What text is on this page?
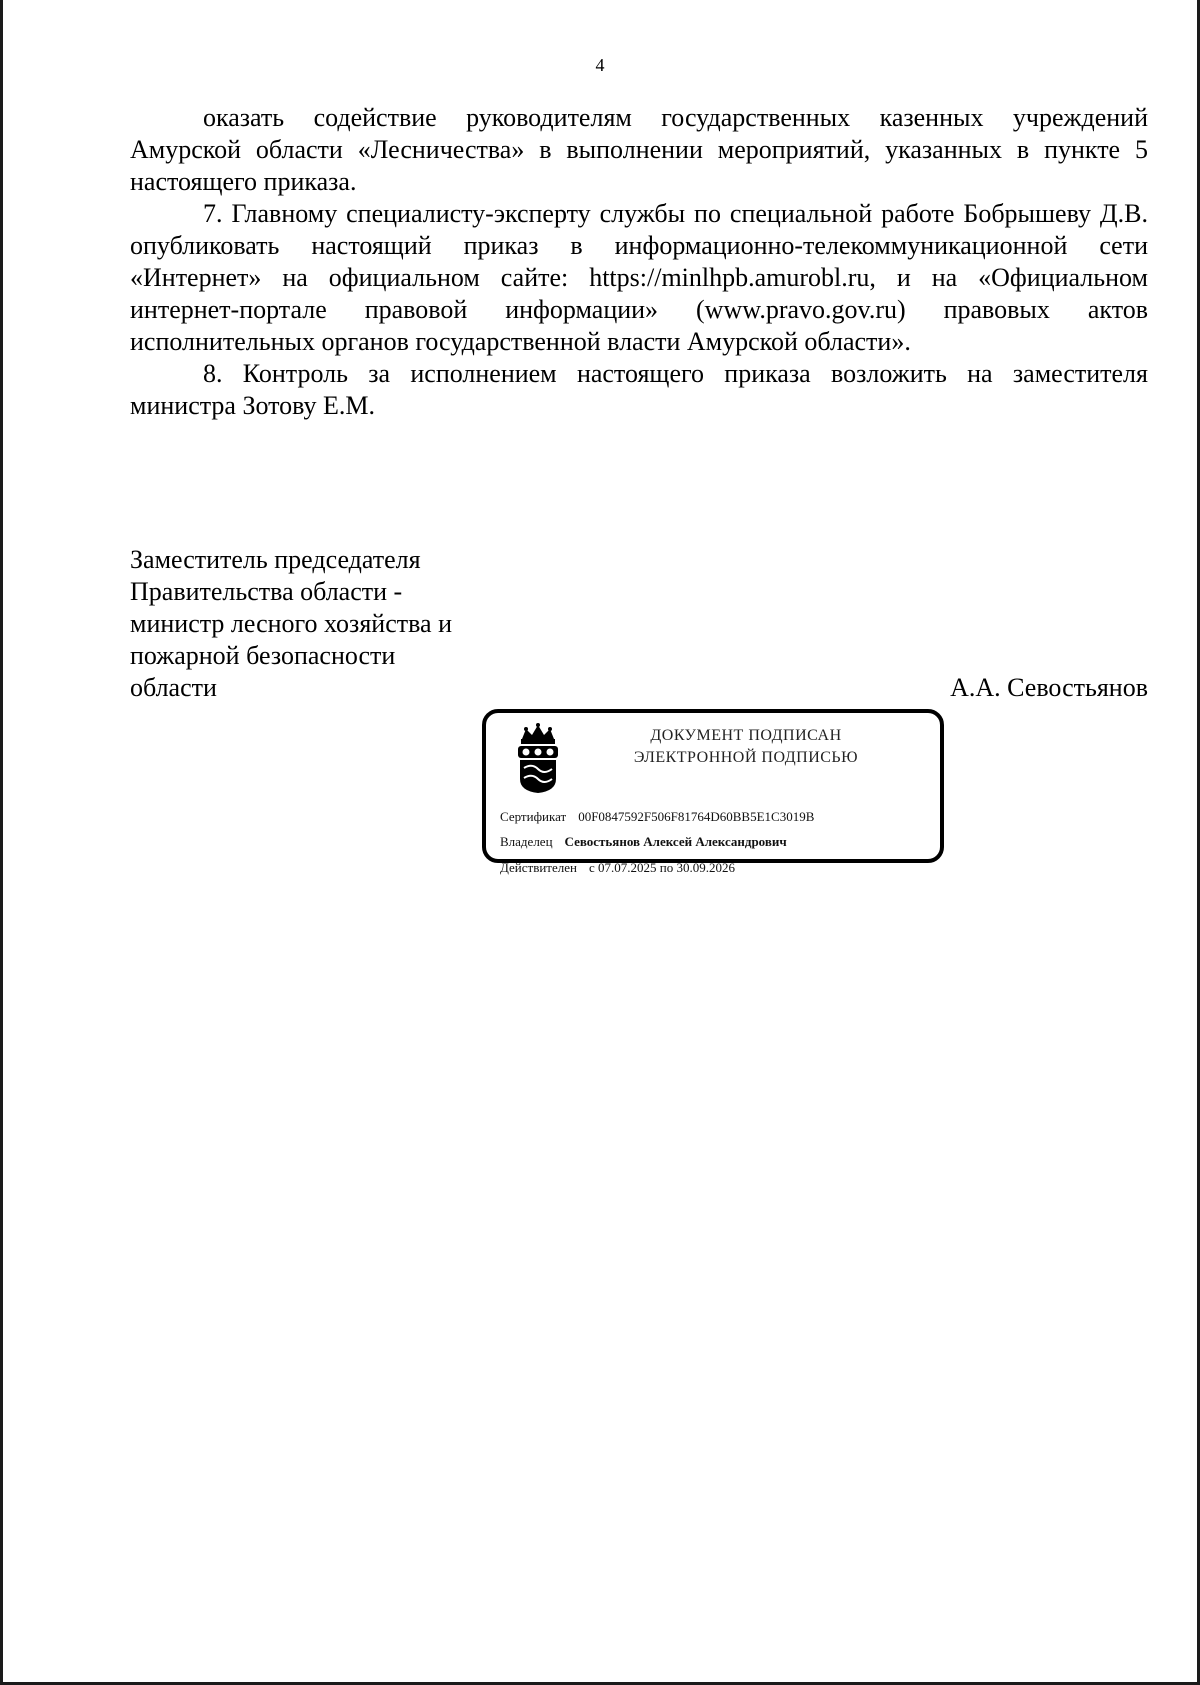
4

оказать содействие руководителям государственных казенных учреждений Амурской области «Лесничества» в выполнении мероприятий, указанных в пункте 5 настоящего приказа.

7. Главному специалисту-эксперту службы по специальной работе Бобрышеву Д.В. опубликовать настоящий приказ в информационно-телекоммуникационной сети «Интернет» на официальном сайте: https://minlhpb.amurobl.ru, и на «Официальном интернет-портале правовой информации» (www.pravo.gov.ru) правовых актов исполнительных органов государственной власти Амурской области».

8. Контроль за исполнением настоящего приказа возложить на заместителя министра Зотову Е.М.

Заместитель председателя
Правительства области -
министр лесного хозяйства и
пожарной безопасности
области	А.А. Севостьянов
ДОКУМЕНТ ПОДПИСАН
ЭЛЕКТРОННОЙ ПОДПИСЬЮ
Сертификат 00F0847592F506F81764D60BB5E1C3019B
Владелец Севостьянов Алексей Александрович
Действителен с 07.07.2025 по 30.09.2026
